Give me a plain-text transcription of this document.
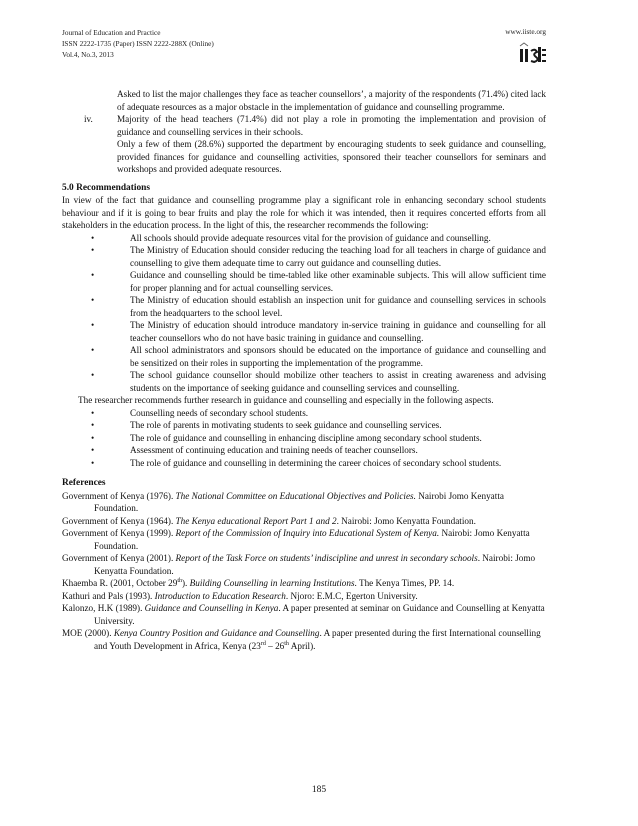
Journal of Education and Practice
ISSN 2222-1735 (Paper) ISSN 2222-288X (Online)
Vol.4, No.3, 2013
www.iiste.org

Asked to list the major challenges they face as teacher counsellors’, a majority of the respondents (71.4%) cited lack of adequate resources as a major obstacle in the implementation of guidance and counselling programme.

iv.	Majority of the head teachers (71.4%) did not play a role in promoting the implementation and provision of guidance and counselling services in their schools.

Only a few of them (28.6%) supported the department by encouraging students to seek guidance and counselling, provided finances for guidance and counselling activities, sponsored their teacher counsellors for seminars and workshops and provided adequate resources.

5.0 Recommendations

In view of the fact that guidance and counselling programme play a significant role in enhancing secondary school students behaviour and if it is going to bear fruits and play the role for which it was intended, then it requires concerted efforts from all stakeholders in the education process. In the light of this, the researcher recommends the following:

•	All schools should provide adequate resources vital for the provision of guidance and counselling.
•	The Ministry of Education should consider reducing the teaching load for all teachers in charge of guidance and counselling to give them adequate time to carry out guidance and counselling duties.
•	Guidance and counselling should be time-tabled like other examinable subjects. This will allow sufficient time for proper planning and for actual counselling services.
•	The Ministry of education should establish an inspection unit for guidance and counselling services in schools from the headquarters to the school level.
•	The Ministry of education should introduce mandatory in-service training in guidance and counselling for all teacher counsellors who do not have basic training in guidance and counselling.
•	All school administrators and sponsors should be educated on the importance of guidance and counselling and be sensitized on their roles in supporting the implementation of the programme.
•	The school guidance counsellor should mobilize other teachers to assist in creating awareness and advising students on the importance of seeking guidance and counselling services and counselling.

The researcher recommends further research in guidance and counselling and especially in the following aspects.

•	Counselling needs of secondary school students.
•	The role of parents in motivating students to seek guidance and counselling services.
•	The role of guidance and counselling in enhancing discipline among secondary school students.
•	Assessment of continuing education and training needs of teacher counsellors.
•	The role of guidance and counselling in determining the career choices of secondary school students.
References

Government of Kenya (1976). The National Committee on Educational Objectives and Policies. Nairobi Jomo Kenyatta Foundation.

Government of Kenya (1964). The Kenya educational Report Part 1 and 2. Nairobi: Jomo Kenyatta Foundation.

Government of Kenya (1999). Report of the Commission of Inquiry into Educational System of Kenya. Nairobi: Jomo Kenyatta Foundation.

Government of Kenya (2001). Report of the Task Force on students’ indiscipline and unrest in secondary schools. Nairobi: Jomo Kenyatta Foundation.

Khaemba R. (2001, October 29th). Building Counselling in learning Institutions. The Kenya Times, PP. 14.

Kathuri and Pals (1993). Introduction to Education Research. Njoro: E.M.C, Egerton University.

Kalonzo, H.K (1989). Guidance and Counselling in Kenya. A paper presented at seminar on Guidance and Counselling at Kenyatta University.

MOE (2000). Kenya Country Position and Guidance and Counselling. A paper presented during the first International counselling and Youth Development in Africa, Kenya (23rd – 26th April).

185
